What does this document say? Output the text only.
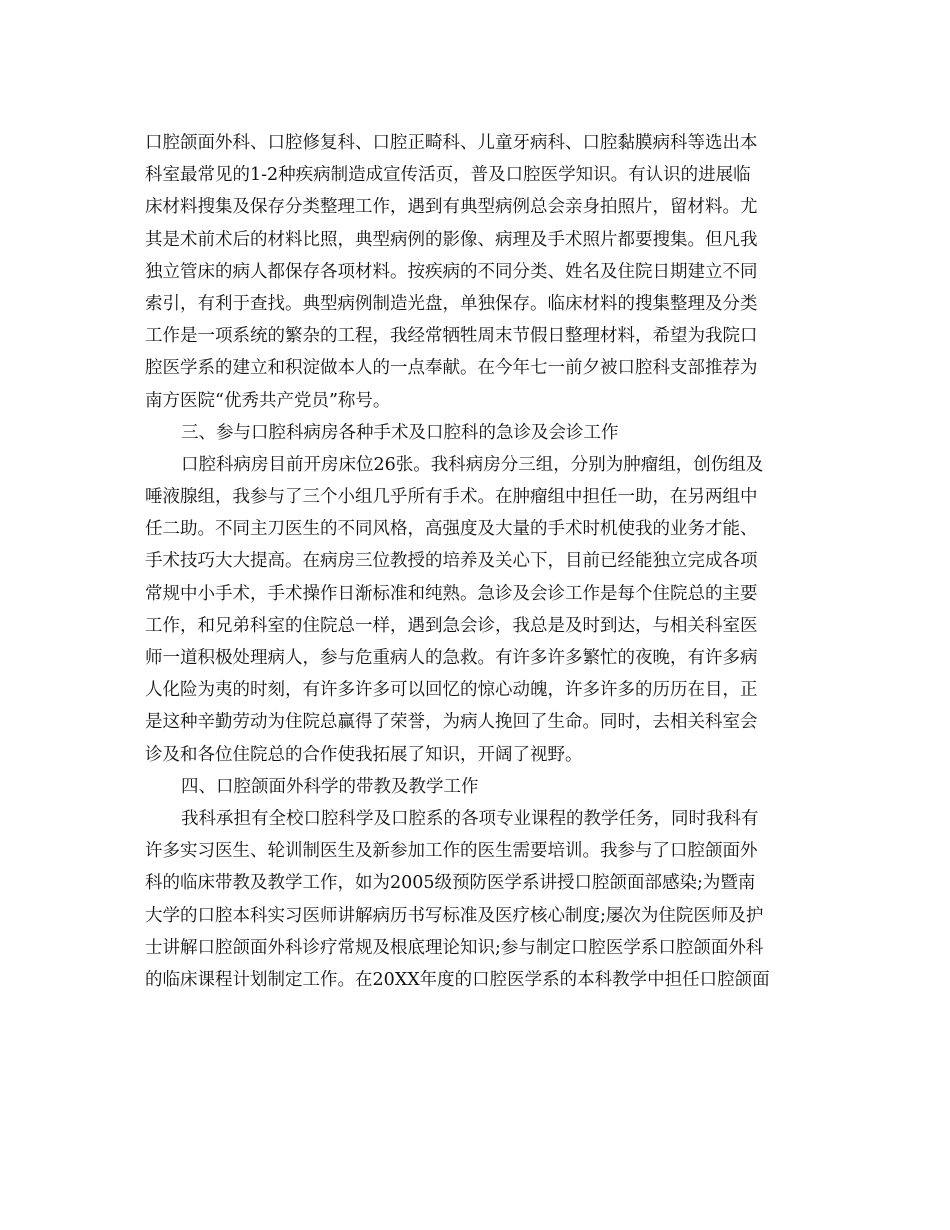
口腔颌面外科、口腔修复科、口腔正畸科、儿童牙病科、口腔黏膜病科等选出本
科室最常见的1-2种疾病制造成宣传活页，普及口腔医学知识。有认识的进展临
床材料搜集及保存分类整理工作，遇到有典型病例总会亲身拍照片，留材料。尤
其是术前术后的材料比照，典型病例的影像、病理及手术照片都要搜集。但凡我
独立管床的病人都保存各项材料。按疾病的不同分类、姓名及住院日期建立不同
索引，有利于查找。典型病例制造光盘，单独保存。临床材料的搜集整理及分类
工作是一项系统的繁杂的工程，我经常牺牲周末节假日整理材料，希望为我院口
腔医学系的建立和积淀做本人的一点奉献。在今年七一前夕被口腔科支部推荐为
南方医院“优秀共产党员”称号。
三、参与口腔科病房各种手术及口腔科的急诊及会诊工作
口腔科病房目前开房床位26张。我科病房分三组，分别为肿瘤组，创伤组及
唾液腺组，我参与了三个小组几乎所有手术。在肿瘤组中担任一助，在另两组中
任二助。不同主刀医生的不同风格，高强度及大量的手术时机使我的业务才能、
手术技巧大大提高。在病房三位教授的培养及关心下，目前已经能独立完成各项
常规中小手术，手术操作日渐标准和纯熟。急诊及会诊工作是每个住院总的主要
工作，和兄弟科室的住院总一样，遇到急会诊，我总是及时到达，与相关科室医
师一道积极处理病人，参与危重病人的急救。有许多许多繁忙的夜晚，有许多病
人化险为夷的时刻，有许多许多可以回忆的惊心动魄，许多许多的历历在目，正
是这种辛勤劳动为住院总赢得了荣誉，为病人挽回了生命。同时，去相关科室会
诊及和各位住院总的合作使我拓展了知识，开阔了视野。
四、口腔颌面外科学的带教及教学工作
我科承担有全校口腔科学及口腔系的各项专业课程的教学任务，同时我科有
许多实习医生、轮训制医生及新参加工作的医生需要培训。我参与了口腔颌面外
科的临床带教及教学工作，如为2005级预防医学系讲授口腔颌面部感染;为暨南
大学的口腔本科实习医师讲解病历书写标准及医疗核心制度;屡次为住院医师及护
士讲解口腔颌面外科诊疗常规及根底理论知识;参与制定口腔医学系口腔颌面外科
的临床课程计划制定工作。在20XX年度的口腔医学系的本科教学中担任口腔颌面
